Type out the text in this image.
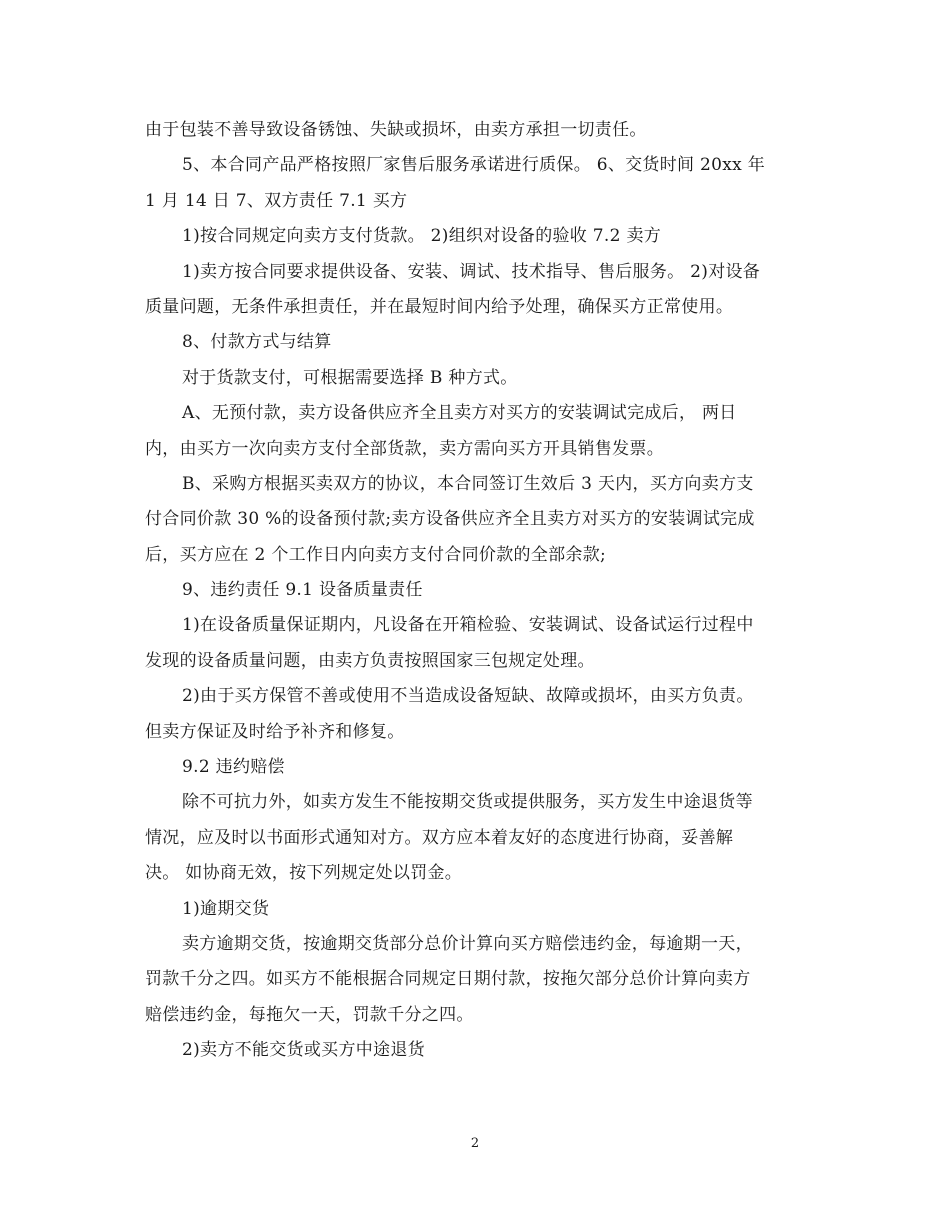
由于包装不善导致设备锈蚀、失缺或损坏，由卖方承担一切责任。
5、本合同产品严格按照厂家售后服务承诺进行质保。 6、交货时间 20xx 年
1 月 14 日 7、双方责任 7.1 买方
1)按合同规定向卖方支付货款。 2)组织对设备的验收 7.2 卖方
1)卖方按合同要求提供设备、安装、调试、技术指导、售后服务。 2)对设备
质量问题，无条件承担责任，并在最短时间内给予处理，确保买方正常使用。
8、付款方式与结算
对于货款支付，可根据需要选择 B 种方式。
A、无预付款，卖方设备供应齐全且卖方对买方的安装调试完成后， 两日
内，由买方一次向卖方支付全部货款，卖方需向买方开具销售发票。
B、采购方根据买卖双方的协议，本合同签订生效后 3 天内，买方向卖方支
付合同价款 30 %的设备预付款;卖方设备供应齐全且卖方对买方的安装调试完成
后，买方应在 2 个工作日内向卖方支付合同价款的全部余款;
9、违约责任 9.1 设备质量责任
1)在设备质量保证期内，凡设备在开箱检验、安装调试、设备试运行过程中
发现的设备质量问题，由卖方负责按照国家三包规定处理。
2)由于买方保管不善或使用不当造成设备短缺、故障或损坏，由买方负责。
但卖方保证及时给予补齐和修复。
9.2 违约赔偿
除不可抗力外，如卖方发生不能按期交货或提供服务，买方发生中途退货等
情况，应及时以书面形式通知对方。双方应本着友好的态度进行协商，妥善解
决。 如协商无效，按下列规定处以罚金。
1)逾期交货
卖方逾期交货，按逾期交货部分总价计算向买方赔偿违约金，每逾期一天，
罚款千分之四。如买方不能根据合同规定日期付款，按拖欠部分总价计算向卖方
赔偿违约金，每拖欠一天，罚款千分之四。
2)卖方不能交货或买方中途退货
2
